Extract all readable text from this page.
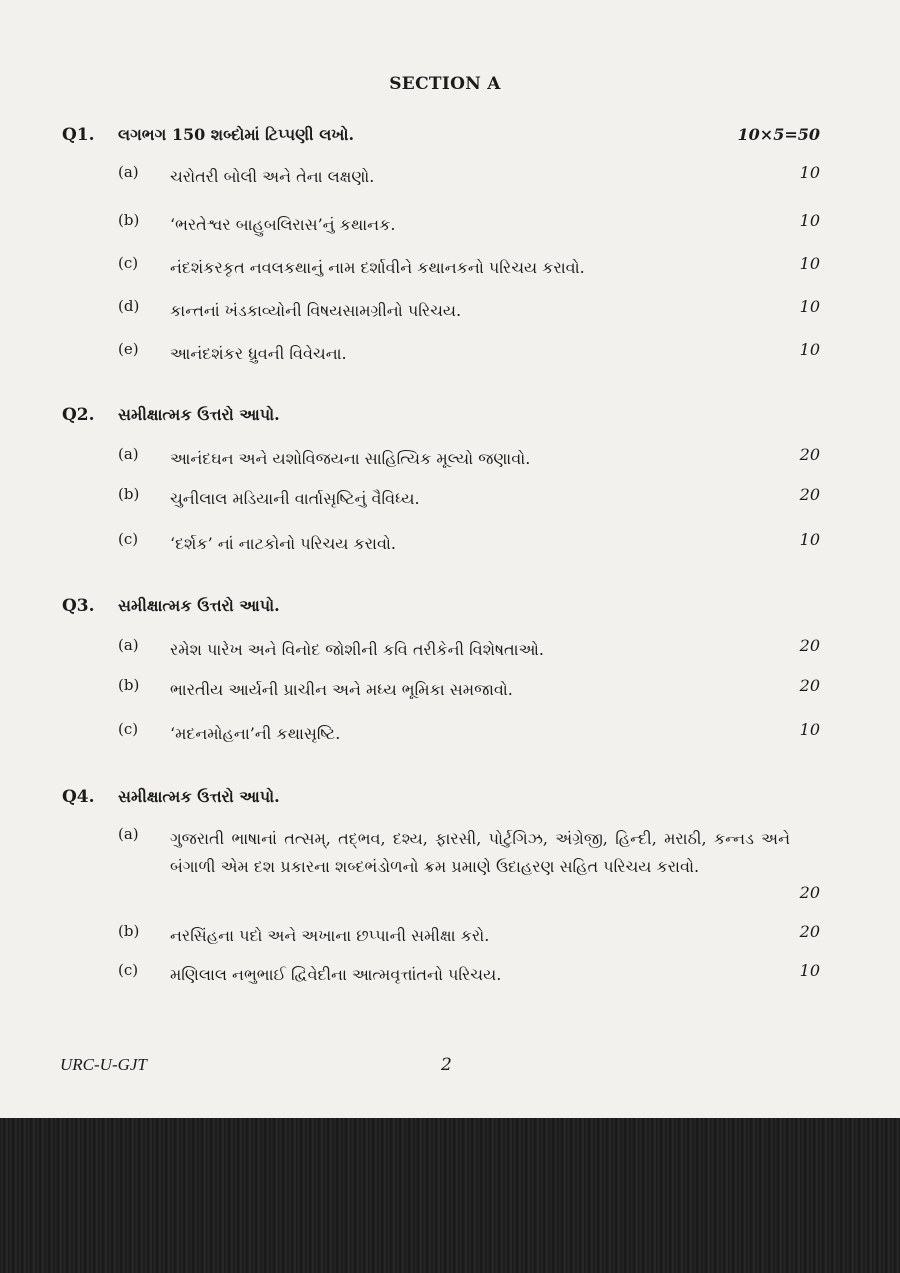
SECTION A
Q1. લગભગ 150 શબ્દોમાં ટિપ્પણી લખો.	10×5=50
(a) ચરોતરી બોલી અને તેના લક્ષણો.	10
(b) ‘ભરતેશ્વર બાહુબલિરાસ’નું કથાનક.	10
(c) નંદશંકરકૃત નવલકથાનું નામ દર્શાવીને કથાનકનો પરિચય કરાવો.	10
(d) કાન્તનાં ખંડકાવ્યોની વિષયસામગ્રીનો પરિચય.	10
(e) આનંદશંકર ધ્રુવની વિવેચના.	10
Q2. સમીક્ષાત્મક ઉત્તરો આપો.
(a) આનંદઘન અને યશોવિજયના સાહિત્યિક મૂલ્યો જણાવો.	20
(b) ચુનીલાલ મડિયાની વાર્તાસૃષ્ટિનું વૈવિધ્ય.	20
(c) ‘દર્શક’ નાં નાટકોનો પરિચય કરાવો.	10
Q3. સમીક્ષાત્મક ઉત્તરો આપો.
(a) રમેશ પારેખ અને વિનોદ જોશીની કવિ તરીકેની વિશેષતાઓ.	20
(b) ભારતીય આર્યની પ્રાચીન અને મધ્ય ભૂમિકા સમજાવો.	20
(c) ‘મદનમોહના’ની કથાસૃષ્ટિ.	10
Q4. સમીક્ષાત્મક ઉત્તરો આપો.
(a) ગુજરાતી ભાષાનાં તત્સમ્, તદ્ભવ, દશ્ય, ફારસી, પોર્ટુગિઝ, અંગ્રેજી, હિન્દી, મરાઠી, કન્નડ અને બંગાળી એમ દશ પ્રકારના શબ્દભંડોળનો ક્રમ પ્રમાણે ઉદાહરણ સહિત પરિચય કરાવો.
20
(b) નરસિંહના પદો અને અખાના છપ્પાની સમીક્ષા કરો.	20
(c) મણિલાલ નભુભાઈ દ્વિવેદીના આત્મવૃત્તાંતનો પરિચય.	10
URC-U-GJT	2
